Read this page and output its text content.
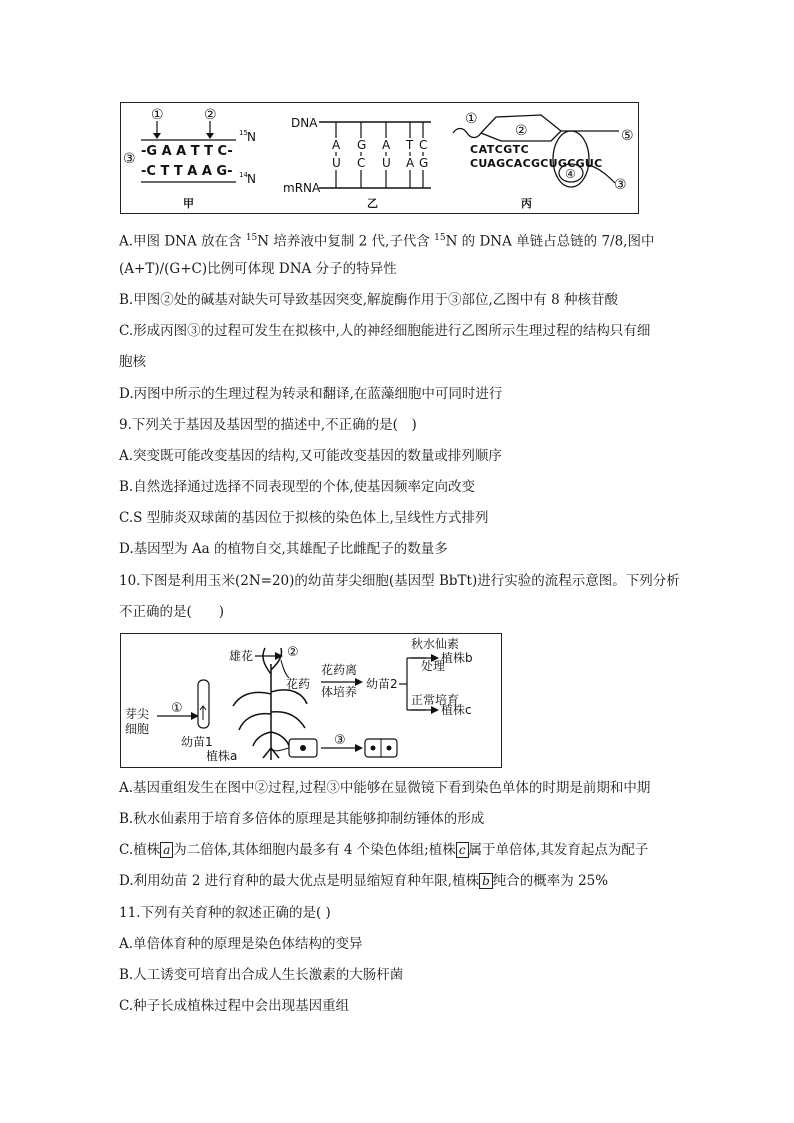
①	②
-G A A T T C-
③
-C T T A A G-
15 N
14 N
甲
DNA
mRNA
A G A T C
U C U A G
乙
①
②	⑤
CATCGTC
CUAGCACGCUGCGUC
④
③
丙
A.甲图 DNA 放在含 $^{15}$N 培养液中复制 2 代,子代含 $^{15}$N 的 DNA 单链占总链的 7/8,图中
(A+T)/(G+C)比例可体现 DNA 分子的特异性
B.甲图②处的碱基对缺失可导致基因突变,解旋酶作用于③部位,乙图中有 8 种核苷酸
C.形成丙图③的过程可发生在拟核中,人的神经细胞能进行乙图所示生理过程的结构只有细
胞核
D.丙图中所示的生理过程为转录和翻译,在蓝藻细胞中可同时进行
9.下列关于基因及基因型的描述中,不正确的是(　)
A.突变既可能改变基因的结构,又可能改变基因的数量或排列顺序
B.自然选择通过选择不同表现型的个体,使基因频率定向改变
C.S 型肺炎双球菌的基因位于拟核的染色体上,呈线性方式排列
D.基因型为 Aa 的植物自交,其雄配子比雌配子的数量多
10.下图是利用玉米(2N=20)的幼苗芽尖细胞(基因型 BbTt)进行实验的流程示意图。下列分析
不正确的是(　　)
芽尖
细胞
①
幼苗1
雄花
植株a
②
花药
花药离
体培养
幼苗2
秋水仙素
处理
植株b
正常培育
植株c
③
A.基因重组发生在图中②过程,过程③中能够在显微镜下看到染色单体的时期是前期和中期
B.秋水仙素用于培育多倍体的原理是其能够抑制纺锤体的形成
C.植株 a 为二倍体,其体细胞内最多有 4 个染色体组;植株 c 属于单倍体,其发育起点为配子
D.利用幼苗 2 进行育种的最大优点是明显缩短育种年限,植株 b 纯合的概率为 25%
11.下列有关育种的叙述正确的是( )
A.单倍体育种的原理是染色体结构的变异
B.人工诱变可培育出合成人生长激素的大肠杆菌
C.种子长成植株过程中会出现基因重组
